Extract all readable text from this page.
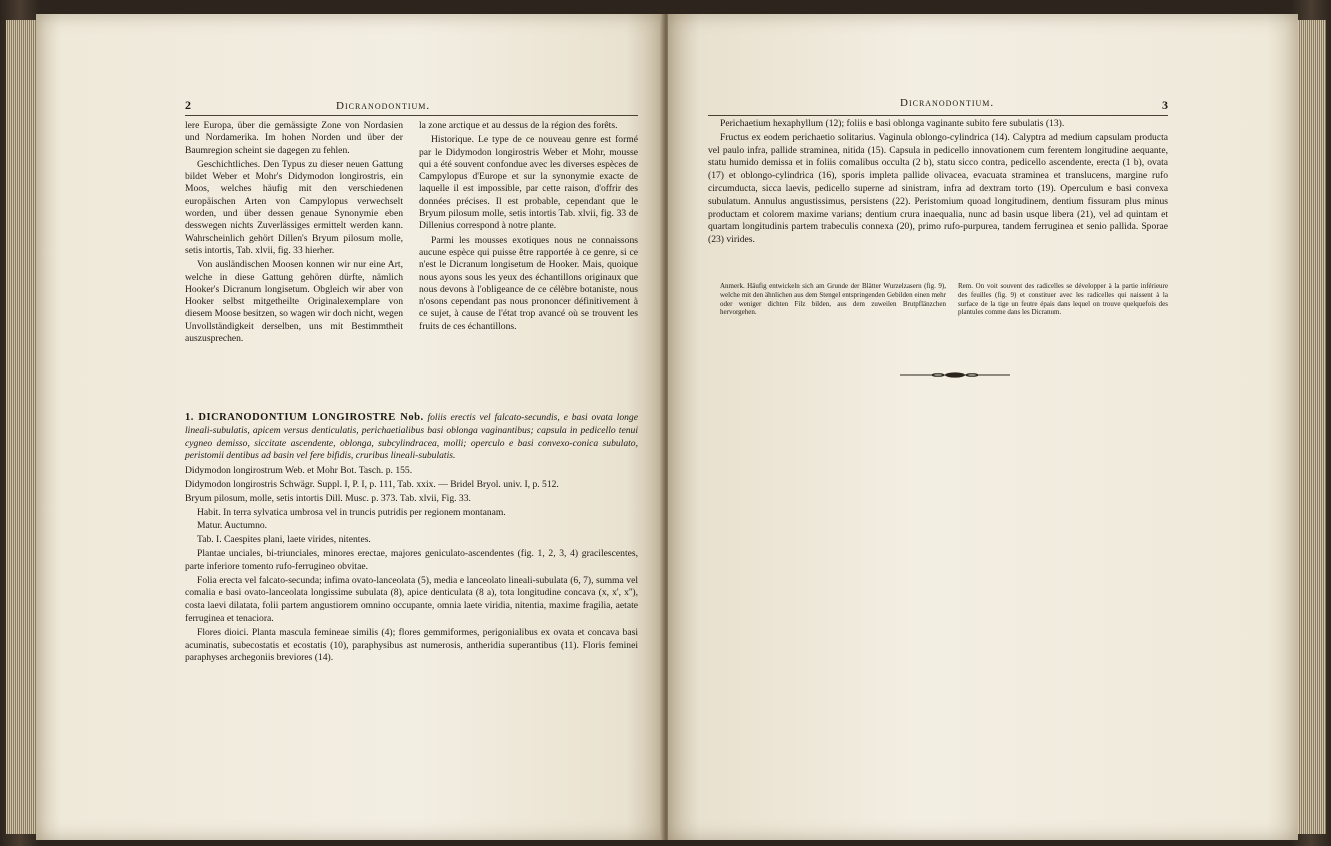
2	Dicranodontium.

lere Europa, über die gemässigte Zone von Nordasien und Nordamerika. Im hohen Norden und über der Baumregion scheint sie dagegen zu fehlen.

Geschichtliches. Den Typus zu dieser neuen Gattung bildet Weber et Mohr's Didymodon longirostris, ein Moos, welches häufig mit den verschiedenen europäischen Arten von Campylopus verwechselt worden, und über dessen genaue Synonymie eben desswegen nichts Zuverlässiges ermittelt werden kann. Wahrscheinlich gehört Dillen's Bryum pilosum molle, setis intortis, Tab. xlvii, fig. 33 hierher.

Von ausländischen Moosen konnen wir nur eine Art, welche in diese Gattung gehören dürfte, nämlich Hooker's Dicranum longisetum. Obgleich wir aber von Hooker selbst mitgetheilte Originalexemplare von diesem Moose besitzen, so wagen wir doch nicht, wegen Unvollständigkeit derselben, uns mit Bestimmtheit auszusprechen.

la zone arctique et au dessus de la région des forêts.

Historique. Le type de ce nouveau genre est formé par le Didymodon longirostris Weber et Mohr, mousse qui a été souvent confondue avec les diverses espèces de Campylopus d'Europe et sur la synonymie exacte de laquelle il est impossible, par cette raison, d'offrir des données précises. Il est probable, cependant que le Bryum pilosum molle, setis intortis Tab. xlvii, fig. 33 de Dillenius correspond à notre plante.

Parmi les mousses exotiques nous ne connaissons aucune espèce qui puisse être rapportée à ce genre, si ce n'est le Dicranum longisetum de Hooker. Mais, quoique nous ayons sous les yeux des échantillons originaux que nous devons à l'obligeance de ce célèbre botaniste, nous n'osons cependant pas nous prononcer définitivement à ce sujet, à cause de l'état trop avancé où se trouvent les fruits de ces échantillons.

1. DICRANODONTIUM LONGIROSTRE Nob. foliis erectis vel falcato-secundis, e basi ovata longe lineali-subulatis, apicem versus denticulatis, perichaetialibus basi oblonga vaginantibus; capsula in pedicello tenui cygneo demisso, siccitate ascendente, oblonga, subcylindracea, molli; operculo e basi convexo-conica subulato, peristomii dentibus ad basin vel fere bifidis, cruribus lineali-subulatis.

Didymodon longirostrum Web. et Mohr Bot. Tasch. p. 155.

Didymodon longirostris Schwägr. Suppl. I, P. I, p. 111, Tab. xxix. — Bridel Bryol. univ. I, p. 512.

Bryum pilosum, molle, setis intortis Dill. Musc. p. 373. Tab. xlvii, Fig. 33.

Habit. In terra sylvatica umbrosa vel in truncis putridis per regionem montanam.

Matur. Auctumno.

Tab. I. Caespites plani, laete virides, nitentes.

Plantae unciales, bi-triunciales, minores erectae, majores geniculato-ascendentes (fig. 1, 2, 3, 4) gracilescentes, parte inferiore tomento rufo-ferrugineo obvitae.

Folia erecta vel falcato-secunda; infima ovato-lanceolata (5), media e lanceolato lineali-subulata (6, 7), summa vel comalia e basi ovato-lanceolata longissime subulata (8), apice denticulata (8 a), tota longitudine concava (x, x', x''), costa laevi dilatata, folii partem angustiorem omnino occupante, omnia laete viridia, nitentia, maxime fragilia, aetate ferruginea et tenaciora.

Flores dioici. Planta mascula femineae similis (4); flores gemmiformes, perigonialibus ex ovata et concava basi acuminatis, subecostatis et ecostatis (10), paraphysibus ast numerosis, antheridia superantibus (11). Floris feminei paraphyses archegoniis breviores (14).

Dicranodontium.	3

Perichaetium hexaphyllum (12); foliis e basi oblonga vaginante subito fere subulatis (13).

Fructus ex eodem perichaetio solitarius. Vaginula oblongo-cylindrica (14). Calyptra ad medium capsulam producta vel paulo infra, pallide straminea, nitida (15). Capsula in pedicello innovationem cum ferentem longitudine aequante, statu humido demissa et in foliis comalibus occulta (2 b), statu sicco contra, pedicello ascendente, erecta (1 b), ovata (17) et oblongo-cylindrica (16), sporis impleta pallide olivacea, evacuata straminea et translucens, margine rufo circumducta, sicca laevis, pedicello superne ad sinistram, infra ad dextram torto (19). Operculum e basi convexa subulatum. Annulus angustissimus, persistens (22). Peristomium quoad longitudinem, dentium fissuram plus minus productam et colorem maxime varians; dentium crura inaequalia, nunc ad basin usque libera (21), vel ad quintam et quartam longitudinis partem trabeculis connexa (20), primo rufo-purpurea, tandem ferruginea et senio pallida. Sporae (23) virides.

Anmerk. Häufig entwickeln sich am Grunde der Blätter Wurzelzasern (fig. 9), welche mit den ähnlichen aus dem Stengel entspringenden Gebilden einen mehr oder weniger dichten Filz bilden, aus dem zuweilen Brutpflänzchen hervorgehen.
Rem. On voit souvent des radicelles se développer à la partie inférieure des feuilles (fig. 9) et constituer avec les radicelles qui naissent à la surface de la tige un feutre épais dans lequel on trouve quelquefois des plantules comme dans les Dicranum.
